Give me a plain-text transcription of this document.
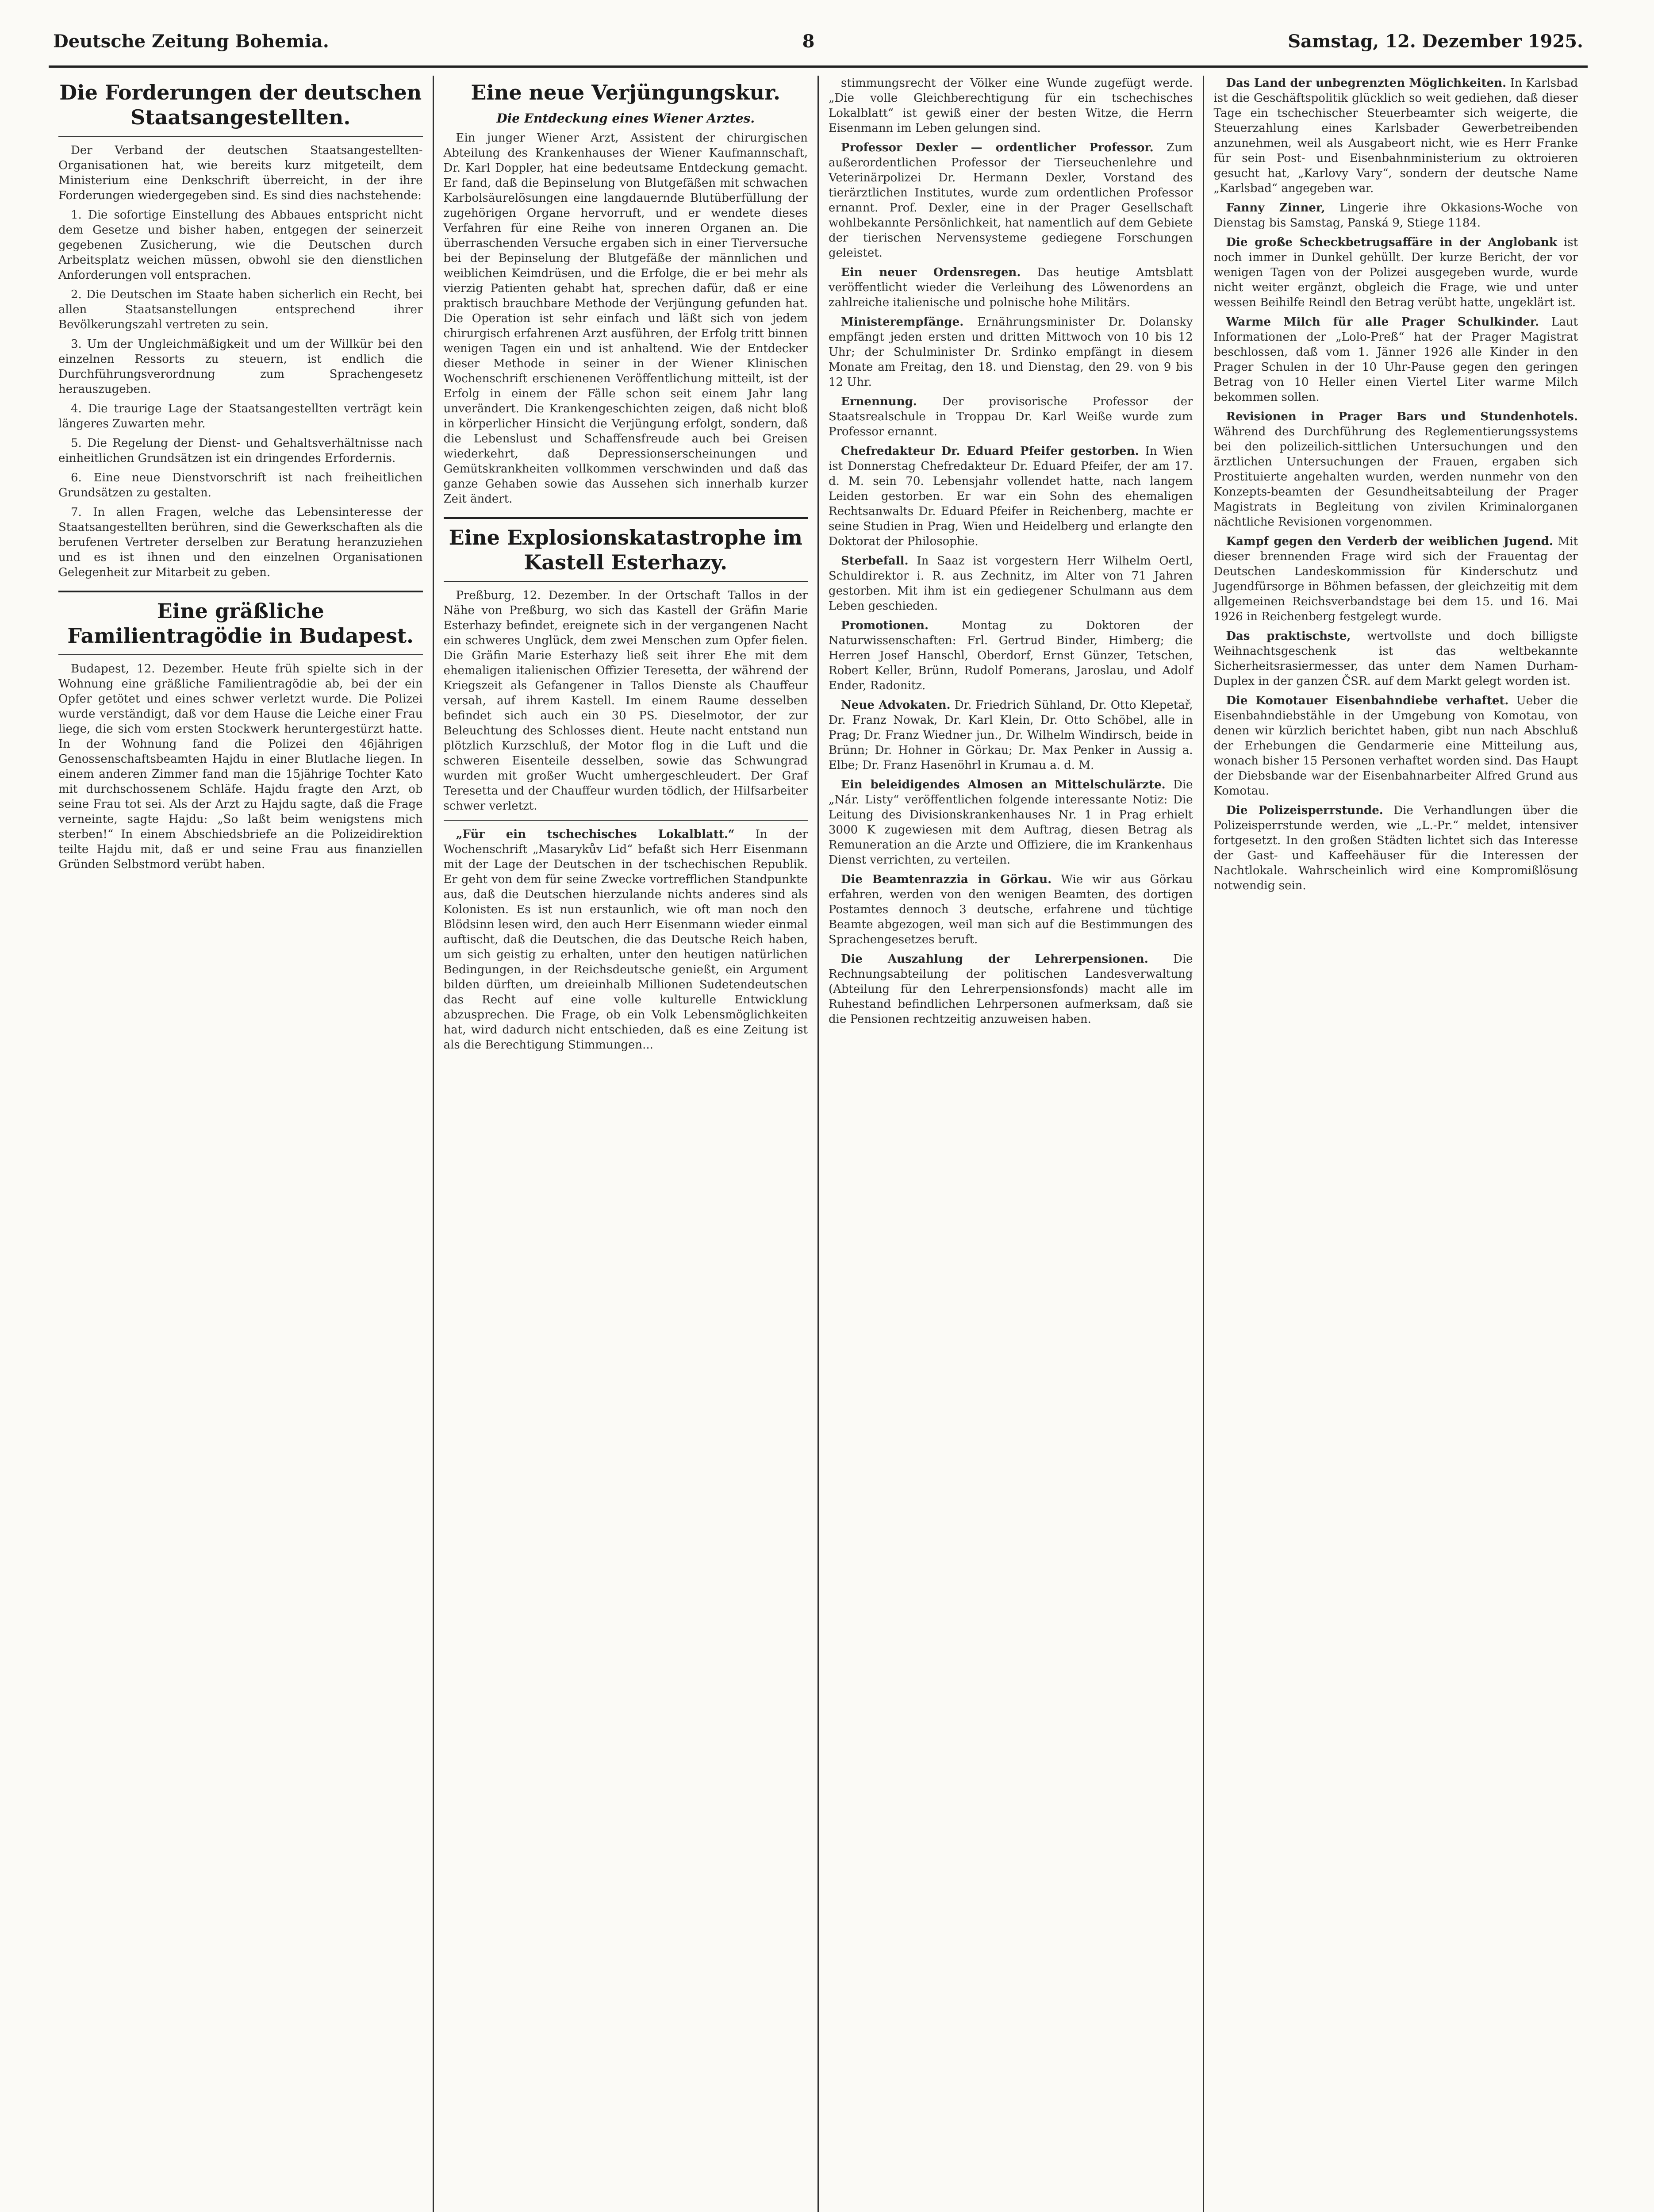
Deutsche Zeitung Bohemia.	8	Samstag, 12. Dezember 1925.
Die Forderungen der deutschen Staatsangestellten.

Der Verband der deutschen Staatsangestellten-Organisationen hat, wie bereits kurz mitgeteilt, dem Ministerium eine Denkschrift überreicht, in der ihre Forderungen wiedergegeben sind. Es sind dies nachstehende:

1. Die sofortige Einstellung des Abbaues entspricht nicht dem Gesetze und bisher haben, entgegen der seinerzeit gegebenen Zusicherung, wie die Deutschen durch Arbeitsplatz weichen müssen, obwohl sie den dienstlichen Anforderungen voll entsprachen.

2. Die Deutschen im Staate haben sicherlich ein Recht, bei allen Staatsanstellungen entsprechend ihrer Bevölkerungszahl vertreten zu sein.

3. Um der Ungleichmäßigkeit und um der Willkür bei den einzelnen Ressorts zu steuern, ist endlich die Durchführungsverordnung zum Sprachengesetz herauszugeben.

4. Die traurige Lage der Staatsangestellten verträgt kein längeres Zuwarten mehr.

5. Die Regelung der Dienst- und Gehaltsverhältnisse nach einheitlichen Grundsätzen ist ein dringendes Erfordernis.

6. Eine neue Dienstvorschrift ist nach freiheitlichen Grundsätzen zu gestalten.

7. In allen Fragen, welche das Lebensinteresse der Staatsangestellten berühren, sind die Gewerkschaften als die berufenen Vertreter derselben zur Beratung heranzuziehen und es ist ihnen und den einzelnen Organisationen Gelegenheit zur Mitarbeit zu geben.

Eine gräßliche Familientragödie in Budapest.

Budapest, 12. Dezember. Heute früh spielte sich in der Wohnung eine gräßliche Familientragödie ab, bei der ein Opfer getötet und eines schwer verletzt wurde. Die Polizei wurde verständigt, daß vor dem Hause die Leiche einer Frau liege, die sich vom ersten Stockwerk heruntergestürzt hatte. In der Wohnung fand die Polizei den 46jährigen Genossenschaftsbeamten Hajdu in einer Blutlache liegen. In einem anderen Zimmer fand man die 15jährige Tochter Kato mit durchschossenem Schläfe. Hajdu fragte den Arzt, ob seine Frau tot sei. Als der Arzt zu Hajdu sagte, daß die Frage verneinte, sagte Hajdu: „So laßt beim wenigstens mich sterben!“ In einem Abschiedsbriefe an die Polizeidirektion teilte Hajdu mit, daß er und seine Frau aus finanziellen Gründen Selbstmord verübt haben.

Eine neue Verjüngungskur.
Die Entdeckung eines Wiener Arztes.

Ein junger Wiener Arzt, Assistent der chirurgischen Abteilung des Krankenhauses der Wiener Kaufmannschaft, Dr. Karl Doppler, hat eine bedeutsame Entdeckung gemacht. Er fand, daß die Bepinselung von Blutgefäßen mit schwachen Karbolsäurelösungen eine langdauernde Blutüberfüllung der zugehörigen Organe hervorruft, und er wendete dieses Verfahren für eine Reihe von inneren Organen an. Die überraschenden Versuche ergaben sich in einer Tierversuche bei der Bepinselung der Blutgefäße der männlichen und weiblichen Keimdrüsen, und die Erfolge, die er bei mehr als vierzig Patienten gehabt hat, sprechen dafür, daß er eine praktisch brauchbare Methode der Verjüngung gefunden hat. Die Operation ist sehr einfach und läßt sich von jedem chirurgisch erfahrenen Arzt ausführen, der Erfolg tritt binnen wenigen Tagen ein und ist anhaltend. Wie der Entdecker dieser Methode in seiner in der Wiener Klinischen Wochenschrift erschienenen Veröffentlichung mitteilt, ist der Erfolg in einem der Fälle schon seit einem Jahr lang unverändert. Die Krankengeschichten zeigen, daß nicht bloß in körperlicher Hinsicht die Verjüngung erfolgt, sondern, daß die Lebenslust und Schaffensfreude auch bei Greisen wiederkehrt, daß Depressionserscheinungen und Gemütskrankheiten vollkommen verschwinden und daß das ganze Gehaben sowie das Aussehen sich innerhalb kurzer Zeit ändert.

Eine Explosionskatastrophe im Kastell Esterhazy.

Preßburg, 12. Dezember. In der Ortschaft Tallos in der Nähe von Preßburg, wo sich das Kastell der Gräfin Marie Esterhazy befindet, ereignete sich in der vergangenen Nacht ein schweres Unglück, dem zwei Menschen zum Opfer fielen. Die Gräfin Marie Esterhazy ließ seit ihrer Ehe mit dem ehemaligen italienischen Offizier Teresetta, der während der Kriegszeit als Gefangener in Tallos Dienste als Chauffeur versah, auf ihrem Kastell. Im einem Raume desselben befindet sich auch ein 30 PS. Dieselmotor, der zur Beleuchtung des Schlosses dient. Heute nacht entstand nun plötzlich Kurzschluß, der Motor flog in die Luft und die schweren Eisenteile desselben, sowie das Schwungrad wurden mit großer Wucht umhergeschleudert. Der Graf Teresetta und der Chauffeur wurden tödlich, der Hilfsarbeiter schwer verletzt.

„Für ein tschechisches Lokalblatt.“ In der Wochenschrift „Masarykův Lid“ befaßt sich Herr Eisenmann mit der Lage der Deutschen in der tschechischen Republik. Er geht von dem für seine Zwecke vortrefflichen Standpunkte aus, daß die Deutschen hierzulande nichts anderes sind als Kolonisten. Es ist nun erstaunlich, wie oft man noch den Blödsinn lesen wird, den auch Herr Eisenmann wieder einmal auftischt, daß die Deutschen, die das Deutsche Reich haben, um sich geistig zu erhalten, unter den heutigen natürlichen Bedingungen, in der Reichsdeutsche genießt, ein Argument bilden dürften, um dreieinhalb Millionen Sudetendeutschen das Recht auf eine volle kulturelle Entwicklung abzusprechen. Die Frage, ob ein Volk Lebensmöglichkeiten hat, wird dadurch nicht entschieden, daß es eine Zeitung ist als die Berechtigung Stimmungen...

stimmungsrecht der Völker eine Wunde zugefügt werde. „Die volle Gleichberechtigung für ein tschechisches Lokalblatt“ ist gewiß einer der besten Witze, die Herrn Eisenmann im Leben gelungen sind.

Professor Dexler — ordentlicher Professor. Zum außerordentlichen Professor der Tierseuchenlehre und Veterinärpolizei Dr. Hermann Dexler, Vorstand des tierärztlichen Institutes, wurde zum ordentlichen Professor ernannt. Prof. Dexler, eine in der Prager Gesellschaft wohlbekannte Persönlichkeit, hat namentlich auf dem Gebiete der tierischen Nervensysteme gediegene Forschungen geleistet.

Ein neuer Ordensregen. Das heutige Amtsblatt veröffentlicht wieder die Verleihung des Löwenordens an zahlreiche italienische und polnische hohe Militärs.

Ministerempfänge. Ernährungsminister Dr. Dolansky empfängt jeden ersten und dritten Mittwoch von 10 bis 12 Uhr; der Schulminister Dr. Srdinko empfängt in diesem Monate am Freitag, den 18. und Dienstag, den 29. von 9 bis 12 Uhr.

Ernennung. Der provisorische Professor der Staatsrealschule in Troppau Dr. Karl Weiße wurde zum Professor ernannt.

Chefredakteur Dr. Eduard Pfeifer gestorben. In Wien ist Donnerstag Chefredakteur Dr. Eduard Pfeifer, der am 17. d. M. sein 70. Lebensjahr vollendet hatte, nach langem Leiden gestorben. Er war ein Sohn des ehemaligen Rechtsanwalts Dr. Eduard Pfeifer in Reichenberg, machte er seine Studien in Prag, Wien und Heidelberg und erlangte den Doktorat der Philosophie.

Sterbefall. In Saaz ist vorgestern Herr Wilhelm Oertl, Schuldirektor i. R. aus Zechnitz, im Alter von 71 Jahren gestorben. Mit ihm ist ein gediegener Schulmann aus dem Leben geschieden.

Promotionen.	Montag zu Doktoren der Naturwissenschaften: Frl. Gertrud Binder, Himberg; die Herren Josef Hanschl, Oberdorf, Ernst Günzer, Tetschen, Robert Keller, Brünn, Rudolf Pomerans, Jaroslau, und Adolf Ender, Radonitz.

Neue Advokaten. Dr. Friedrich Sühland, Dr. Otto Klepetař, Dr. Franz Nowak, Dr. Karl Klein, Dr. Otto Schöbel, alle in Prag; Dr. Franz Wiedner jun., Dr. Wilhelm Windirsch, beide in Brünn; Dr. Hohner in Görkau; Dr. Max Penker in Aussig a. Elbe; Dr. Franz Hasenöhrl in Krumau a. d. M.

Ein beleidigendes Almosen an Mittelschulärzte. Die „Nár. Listy“ veröffentlichen folgende interessante Notiz: Die Leitung des Divisionskrankenhauses Nr. 1 in Prag erhielt 3000 K zugewiesen mit dem Auftrag, diesen Betrag als Remuneration an die Arzte und Offiziere, die im Krankenhaus Dienst verrichten, zu verteilen.

Die Beamtenrazzia in Görkau. Wie wir aus Görkau erfahren, werden von den wenigen Beamten, des dortigen Postamtes dennoch 3 deutsche, erfahrene und tüchtige Beamte abgezogen, weil man sich auf die Bestimmungen des Sprachengesetzes beruft.

Die Auszahlung der Lehrerpensionen. Die Rechnungsabteilung der politischen Landesverwaltung (Abteilung für den Lehrerpensionsfonds) macht alle im Ruhestand befindlichen Lehrpersonen aufmerksam, daß sie die Pensionen rechtzeitig anzuweisen haben.

Das Land der unbegrenzten Möglichkeiten. In Karlsbad ist die Geschäftspolitik glücklich so weit gediehen, daß dieser Tage ein tschechischer Steuerbeamter sich weigerte, die Steuerzahlung eines Karlsbader Gewerbetreibenden anzunehmen, weil als Ausgabeort nicht, wie es Herr Franke für sein Post- und Eisenbahnministerium zu oktroieren gesucht hat, „Karlovy Vary“, sondern der deutsche Name „Karlsbad“ angegeben war.

Fanny Zinner, Lingerie ihre Okkasions-Woche von Dienstag bis Samstag, Panská 9, Stiege 1184.

Die große Scheckbetrugsaffäre in der Anglobank ist noch immer in Dunkel gehüllt. Der kurze Bericht, der vor wenigen Tagen von der Polizei ausgegeben wurde, wurde nicht weiter ergänzt, obgleich die Frage, wie und unter wessen Beihilfe Reindl den Betrag verübt hatte, ungeklärt ist.

Warme Milch für alle Prager Schulkinder. Laut Informationen der „Lolo-Preß“ hat der Prager Magistrat beschlossen, daß vom 1. Jänner 1926 alle Kinder in den Prager Schulen in der 10 Uhr-Pause gegen den geringen Betrag von 10 Heller einen Viertel Liter warme Milch bekommen sollen.

Revisionen in Prager Bars und Stundenhotels. Während des Durchführung des Reglementierungssystems bei den polizeilich-sittlichen Untersuchungen und den ärztlichen Untersuchungen der Frauen, ergaben sich Prostituierte angehalten wurden, werden nunmehr von den Konzepts-beamten der Gesundheitsabteilung der Prager Magistrats in Begleitung von zivilen Kriminalorganen nächtliche Revisionen vorgenommen.

Kampf gegen den Verderb der weiblichen Jugend. Mit dieser brennenden Frage wird sich der Frauentag der Deutschen Landeskommission für Kinderschutz und Jugendfürsorge in Böhmen befassen, der gleichzeitig mit dem allgemeinen Reichsverbandstage bei dem 15. und 16. Mai 1926 in Reichenberg festgelegt wurde.

Das praktischste, wertvollste und doch billigste Weihnachtsgeschenk ist das weltbekannte Sicherheitsrasiermesser, das unter dem Namen Durham-Duplex in der ganzen ČSR. auf dem Markt gelegt worden ist.

Die Komotauer Eisenbahndiebe verhaftet. Ueber die Eisenbahndiebstähle in der Umgebung von Komotau, von denen wir kürzlich berichtet haben, gibt nun nach Abschluß der Erhebungen die Gendarmerie eine Mitteilung aus, wonach bisher 15 Personen verhaftet worden sind. Das Haupt der Diebsbande war der Eisenbahnarbeiter Alfred Grund aus Komotau.

Die Polizeisperrstunde. Die Verhandlungen über die Polizeisperrstunde werden, wie „L.-Pr.“ meldet, intensiver fortgesetzt. In den großen Städten lichtet sich das Interesse der Gast- und Kaffeehäuser für die Interessen der Nachtlokale. Wahrscheinlich wird eine Kompromißlösung notwendig sein.
